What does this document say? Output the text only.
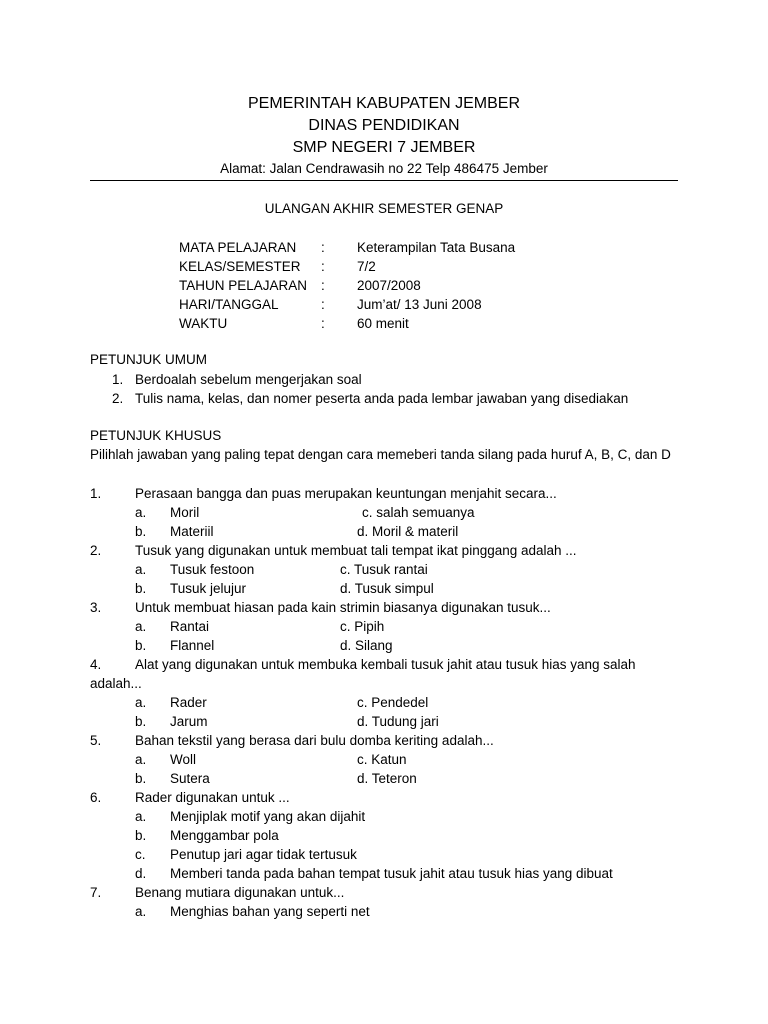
PEMERINTAH KABUPATEN JEMBER
DINAS PENDIDIKAN
SMP NEGERI 7 JEMBER
Alamat: Jalan Cendrawasih no 22 Telp 486475 Jember
ULANGAN AKHIR SEMESTER GENAP
MATA PELAJARAN : Keterampilan Tata Busana
KELAS/SEMESTER : 7/2
TAHUN PELAJARAN : 2007/2008
HARI/TANGGAL	: Jum’at/ 13 Juni 2008
WAKTU	: 60 menit
PETUNJUK UMUM
1. Berdoalah sebelum mengerjakan soal
2. Tulis nama, kelas, dan nomer peserta anda pada lembar jawaban yang disediakan
PETUNJUK KHUSUS
Pilihlah jawaban yang paling tepat dengan cara memeberi tanda silang pada huruf A, B, C, dan D
1. Perasaan bangga dan puas merupakan keuntungan menjahit secara...
a. Moril	c. salah semuanya
b. Materiil	d. Moril & materil
2. Tusuk yang digunakan untuk membuat tali tempat ikat pinggang adalah ...
a. Tusuk festoon	c. Tusuk rantai
b. Tusuk jelujur	d. Tusuk simpul
3. Untuk membuat hiasan pada kain strimin biasanya digunakan tusuk...
a. Rantai	c. Pipih
b. Flannel	d. Silang
4. Alat yang digunakan untuk membuka kembali tusuk jahit atau tusuk hias yang salah
adalah...
a. Rader	c. Pendedel
b. Jarum	d. Tudung jari
5. Bahan tekstil yang berasa dari bulu domba keriting adalah...
a. Woll	c. Katun
b. Sutera	d. Teteron
6. Rader digunakan untuk ...
a. Menjiplak motif yang akan dijahit
b. Menggambar pola
c. Penutup jari agar tidak tertusuk
d. Memberi tanda pada bahan tempat tusuk jahit atau tusuk hias yang dibuat
7. Benang mutiara digunakan untuk...
a. Menghias bahan yang seperti net
